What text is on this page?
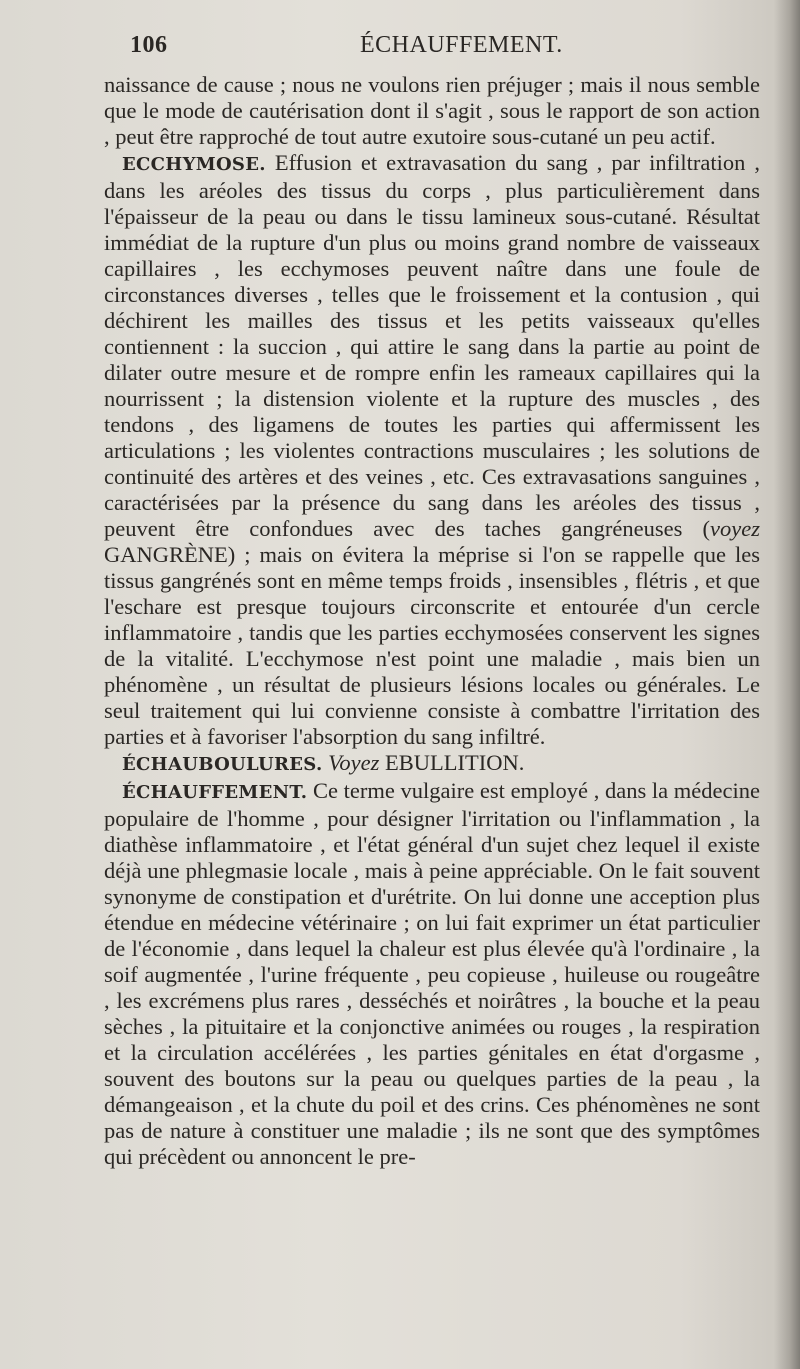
106	ÉCHAUFFEMENT.

naissance de cause ; nous ne voulons rien préjuger ; mais il nous semble que le mode de cautérisation dont il s'agit , sous le rapport de son action , peut être rapproché de tout autre exutoire sous-cutané un peu actif.

ECCHYMOSE. Effusion et extravasation du sang , par infiltration , dans les aréoles des tissus du corps , plus particulièrement dans l'épaisseur de la peau ou dans le tissu lamineux sous-cutané. Résultat immédiat de la rupture d'un plus ou moins grand nombre de vaisseaux capillaires , les ecchymoses peuvent naître dans une foule de circonstances diverses , telles que le froissement et la contusion , qui déchirent les mailles des tissus et les petits vaisseaux qu'elles contiennent : la succion , qui attire le sang dans la partie au point de dilater outre mesure et de rompre enfin les rameaux capillaires qui la nourrissent ; la distension violente et la rupture des muscles , des tendons , des ligamens de toutes les parties qui affermissent les articulations ; les violentes contractions musculaires ; les solutions de continuité des artères et des veines , etc. Ces extravasations sanguines , caractérisées par la présence du sang dans les aréoles des tissus , peuvent être confondues avec des taches gangréneuses (voyez GANGRÈNE) ; mais on évitera la méprise si l'on se rappelle que les tissus gangrénés sont en même temps froids , insensibles , flétris , et que l'eschare est presque toujours circonscrite et entourée d'un cercle inflammatoire , tandis que les parties ecchymosées conservent les signes de la vitalité. L'ecchymose n'est point une maladie , mais bien un phénomène , un résultat de plusieurs lésions locales ou générales. Le seul traitement qui lui convienne consiste à combattre l'irritation des parties et à favoriser l'absorption du sang infiltré.

ÉCHAUBOULURES. Voyez EBULLITION.

ÉCHAUFFEMENT. Ce terme vulgaire est employé , dans la médecine populaire de l'homme , pour désigner l'irritation ou l'inflammation , la diathèse inflammatoire , et l'état général d'un sujet chez lequel il existe déjà une phlegmasie locale , mais à peine appréciable. On le fait souvent synonyme de constipation et d'urétrite. On lui donne une acception plus étendue en médecine vétérinaire ; on lui fait exprimer un état particulier de l'économie , dans lequel la chaleur est plus élevée qu'à l'ordinaire , la soif augmentée , l'urine fréquente , peu copieuse , huileuse ou rougeâtre , les excrémens plus rares , desséchés et noirâtres , la bouche et la peau sèches , la pituitaire et la conjonctive animées ou rouges , la respiration et la circulation accélérées , les parties génitales en état d'orgasme , souvent des boutons sur la peau ou quelques parties de la peau , la démangeaison , et la chute du poil et des crins. Ces phénomènes ne sont pas de nature à constituer une maladie ; ils ne sont que des symptômes qui précèdent ou annoncent le pre-
